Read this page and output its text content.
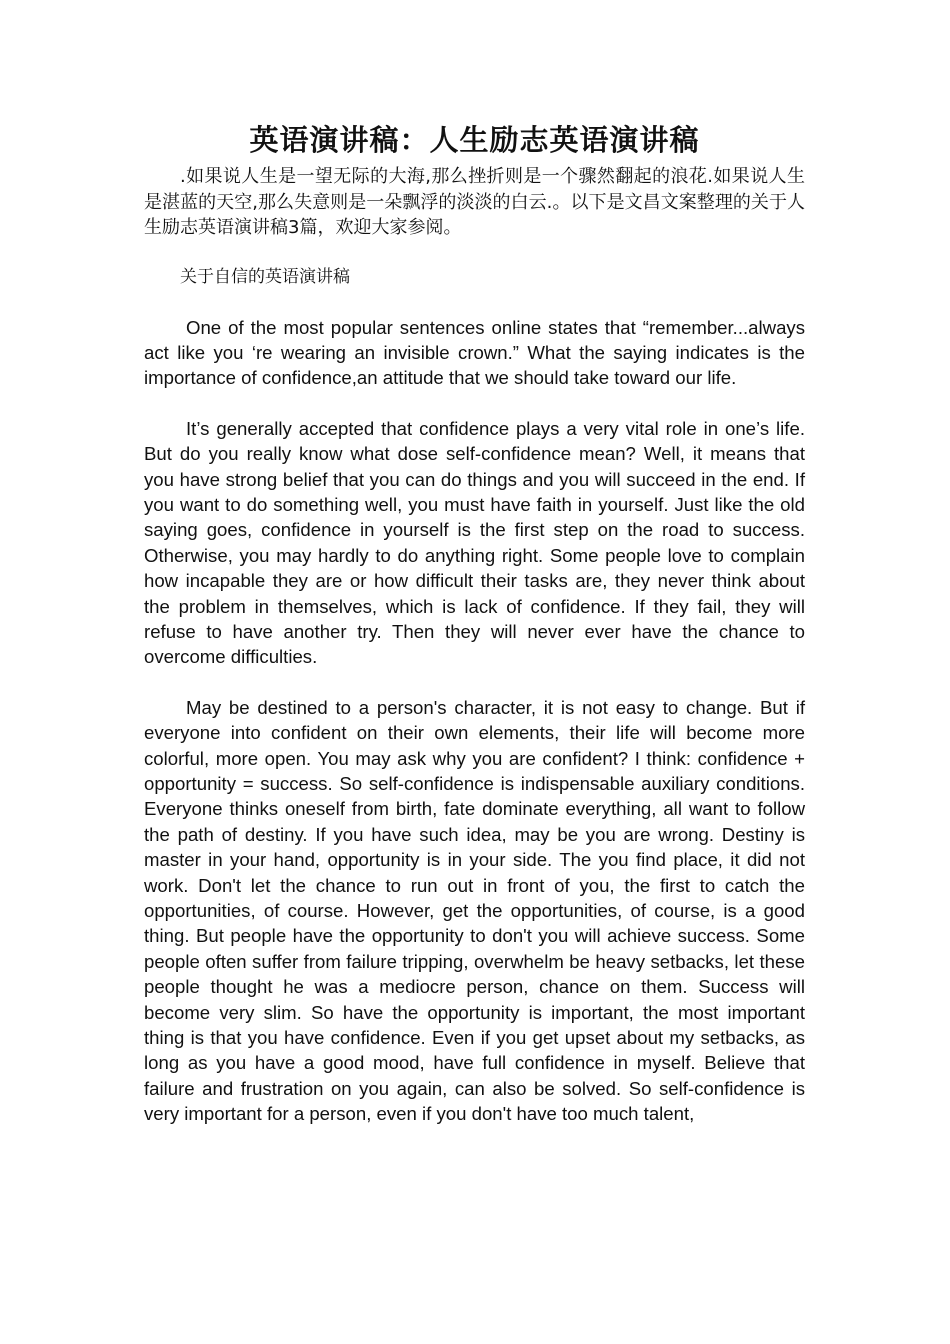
英语演讲稿：人生励志英语演讲稿

.如果说人生是一望无际的大海,那么挫折则是一个骤然翻起的浪花.如果说人生是湛蓝的天空,那么失意则是一朵飘浮的淡淡的白云.。以下是文昌文案整理的关于人生励志英语演讲稿3篇，欢迎大家参阅。

关于自信的英语演讲稿

One of the most popular sentences online states that “remember...always act like you ‘re wearing an invisible crown.” What the saying indicates is the importance of confidence,an attitude that we should take toward our life.

It’s generally accepted that confidence plays a very vital role in one’s life. But do you really know what dose self-confidence mean? Well, it means that you have strong belief that you can do things and you will succeed in the end. If you want to do something well, you must have faith in yourself. Just like the old saying goes, confidence in yourself is the first step on the road to success. Otherwise, you may hardly to do anything right. Some people love to complain how incapable they are or how difficult their tasks are, they never think about the problem in themselves, which is lack of confidence. If they fail, they will refuse to have another try. Then they will never ever have the chance to overcome difficulties.

May be destined to a person's character, it is not easy to change. But if everyone into confident on their own elements, their life will become more colorful, more open. You may ask why you are confident? I think: confidence + opportunity = success. So self-confidence is indispensable auxiliary conditions. Everyone thinks oneself from birth, fate dominate everything, all want to follow the path of destiny. If you have such idea, may be you are wrong. Destiny is master in your hand, opportunity is in your side. The you find place, it did not work. Don't let the chance to run out in front of you, the first to catch the opportunities, of course. However, get the opportunities, of course, is a good thing. But people have the opportunity to don't you will achieve success. Some people often suffer from failure tripping, overwhelm be heavy setbacks, let these people thought he was a mediocre person, chance on them. Success will become very slim. So have the opportunity is important, the most important thing is that you have confidence. Even if you get upset about my setbacks, as long as you have a good mood, have full confidence in myself. Believe that failure and frustration on you again, can also be solved. So self-confidence is very important for a person, even if you don't have too much talent,
